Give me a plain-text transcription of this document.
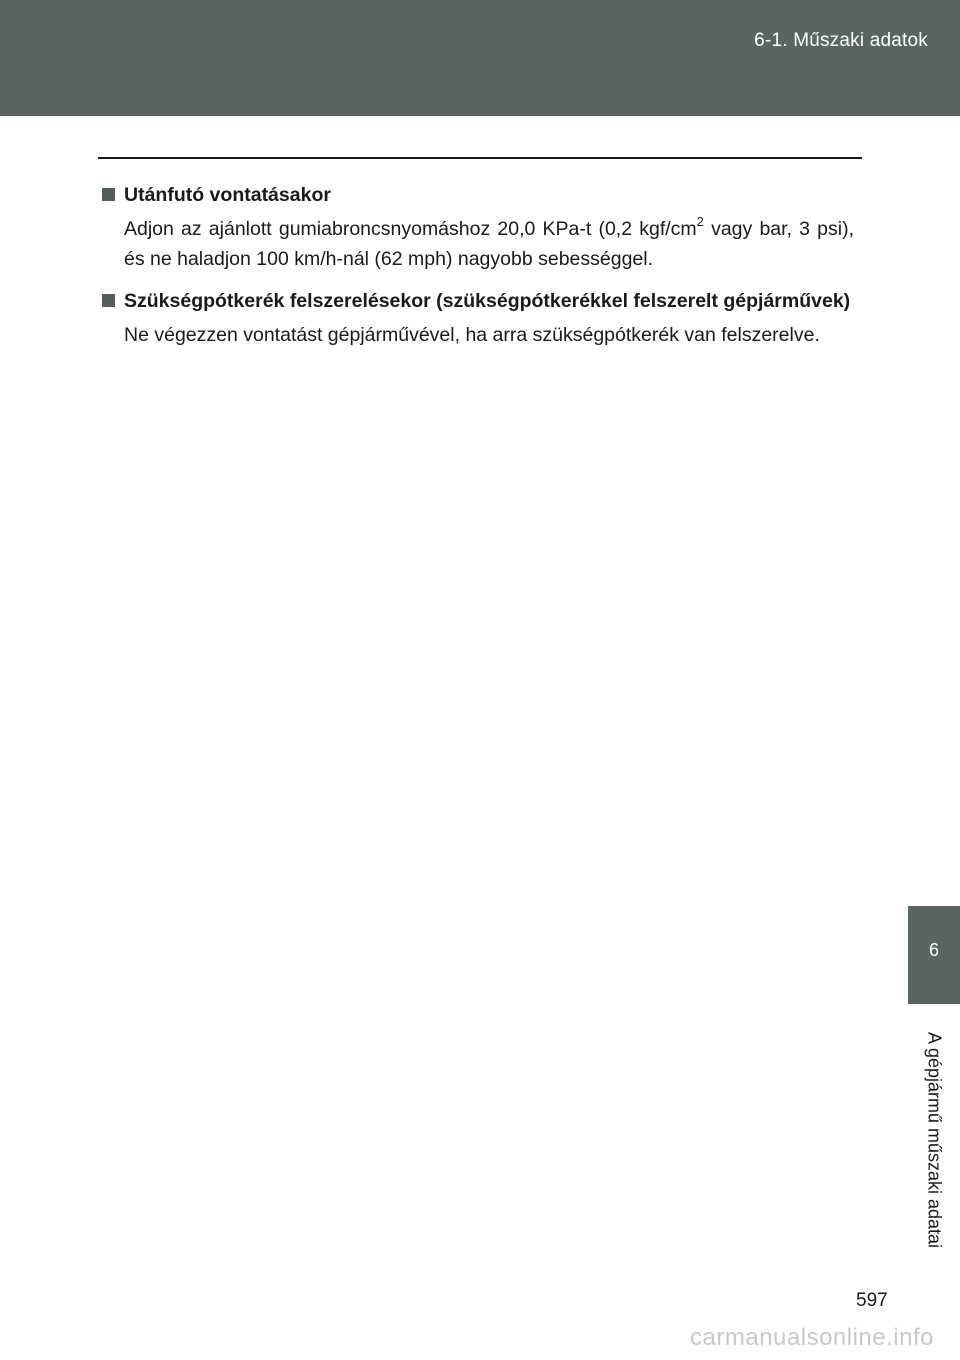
6-1. Műszaki adatok
Utánfutó vontatásakor
Adjon az ajánlott gumiabroncsnyomáshoz 20,0 KPa-t (0,2 kgf/$cm^2$ vagy bar, 3 psi), és ne haladjon 100 km/h-nál (62 mph) nagyobb sebességgel.
Szükségpótkerék felszerelésekor (szükségpótkerékkel felszerelt gépjárművek)
Ne végezzen vontatást gépjárművével, ha arra szükségpótkerék van felszerelve.
6
A gépjármű műszaki adatai
597
carmanualsonline.info
